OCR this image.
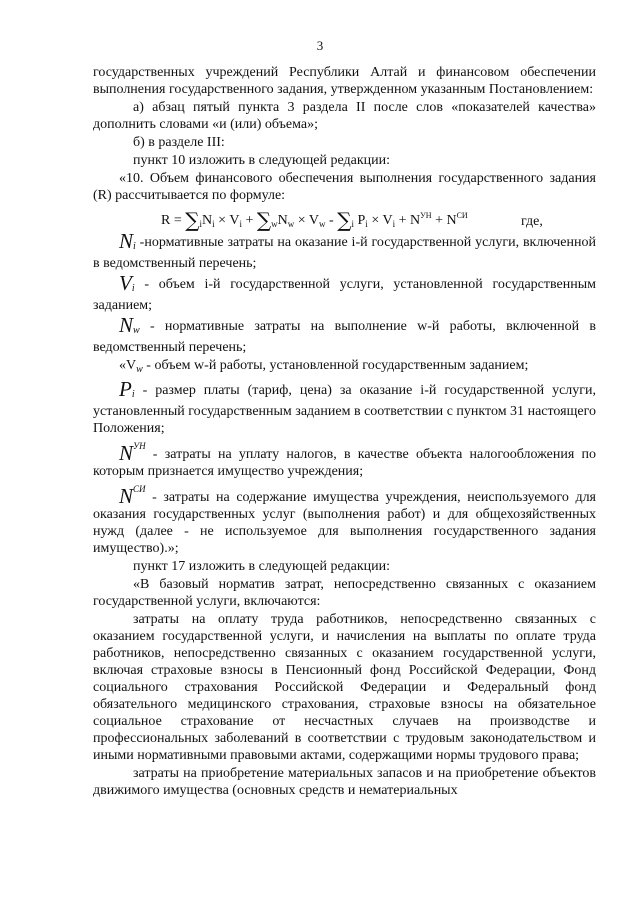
3

государственных учреждений Республики Алтай и финансовом обеспечении выполнения государственного задания, утвержденном указанным Постановлением:

а) абзац пятый пункта 3 раздела II после слов «показателей качества» дополнить словами «и (или) объема»;

б) в разделе III:

пункт 10 изложить в следующей редакции:

«10. Объем финансового обеспечения выполнения государственного задания (R) рассчитывается по формуле:

$R = \sum_iN_i \times V_i + \sum_wN_w \times V_w - \sum_i$ $P_i \times V_i + N^{УН} + N^{СИ}$	где,

$N_i$ -нормативные затраты на оказание i-й государственной услуги, включенной в ведомственный перечень;

$V_i$ - объем i-й государственной услуги, установленной государственным заданием;

$N_w$ - нормативные затраты на выполнение w-й работы, включенной в ведомственный перечень;

«$V_w$ - объем w-й работы, установленной государственным заданием;

$P_i$ - размер платы (тариф, цена) за оказание i-й государственной услуги, установленный государственным заданием в соответствии с пунктом 31 настоящего Положения;

$N^{УН}$ - затраты на уплату налогов, в качестве объекта налогообложения по которым признается имущество учреждения;

$N^{СИ}$ - затраты на содержание имущества учреждения, неиспользуемого для оказания государственных услуг (выполнения работ) и для общехозяйственных нужд (далее - не используемое для выполнения государственного задания имущество).»;

пункт 17 изложить в следующей редакции:

«В базовый норматив затрат, непосредственно связанных с оказанием государственной услуги, включаются:

затраты на оплату труда работников, непосредственно связанных с оказанием государственной услуги, и начисления на выплаты по оплате труда работников, непосредственно связанных с оказанием государственной услуги, включая страховые взносы в Пенсионный фонд Российской Федерации, Фонд социального страхования Российской Федерации и Федеральный фонд обязательного медицинского страхования, страховые взносы на обязательное социальное страхование от несчастных случаев на производстве и профессиональных заболеваний в соответствии с трудовым законодательством и иными нормативными правовыми актами, содержащими нормы трудового права;

затраты на приобретение материальных запасов и на приобретение объектов движимого имущества (основных средств и нематериальных
